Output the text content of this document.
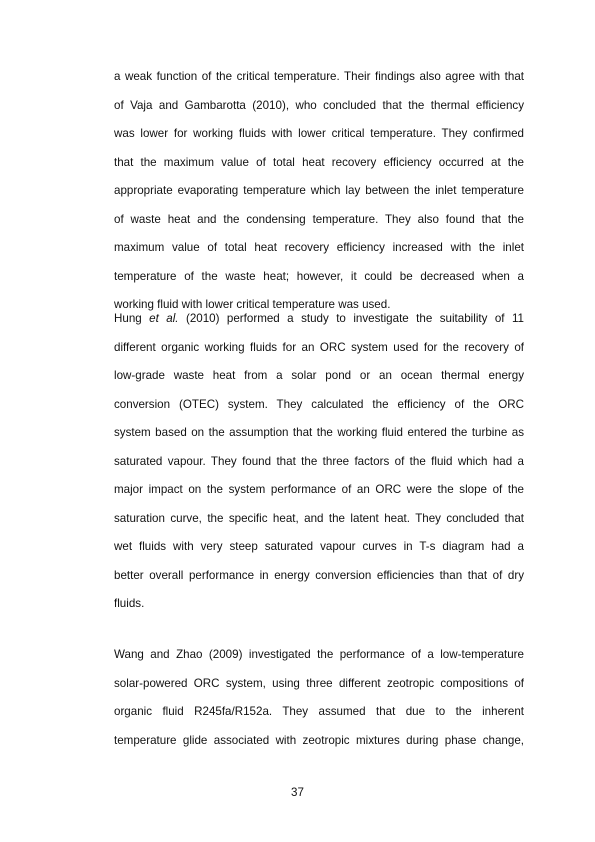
a weak function of the critical temperature. Their findings also agree with that
of Vaja and Gambarotta (2010), who concluded that the thermal efficiency
was lower for working fluids with lower critical temperature. They confirmed
that the maximum value of total heat recovery efficiency occurred at the
appropriate evaporating temperature which lay between the inlet temperature
of waste heat and the condensing temperature. They also found that the
maximum value of total heat recovery efficiency increased with the inlet
temperature of the waste heat; however, it could be decreased when a
working fluid with lower critical temperature was used.
Hung et al. (2010) performed a study to investigate the suitability of 11
different organic working fluids for an ORC system used for the recovery of
low-grade waste heat from a solar pond or an ocean thermal energy
conversion (OTEC) system. They calculated the efficiency of the ORC
system based on the assumption that the working fluid entered the turbine as
saturated vapour. They found that the three factors of the fluid which had a
major impact on the system performance of an ORC were the slope of the
saturation curve, the specific heat, and the latent heat. They concluded that
wet fluids with very steep saturated vapour curves in T-s diagram had a
better overall performance in energy conversion efficiencies than that of dry
fluids.
Wang and Zhao (2009) investigated the performance of a low-temperature
solar-powered ORC system, using three different zeotropic compositions of
organic fluid R245fa/R152a. They assumed that due to the inherent
temperature glide associated with zeotropic mixtures during phase change,
37
